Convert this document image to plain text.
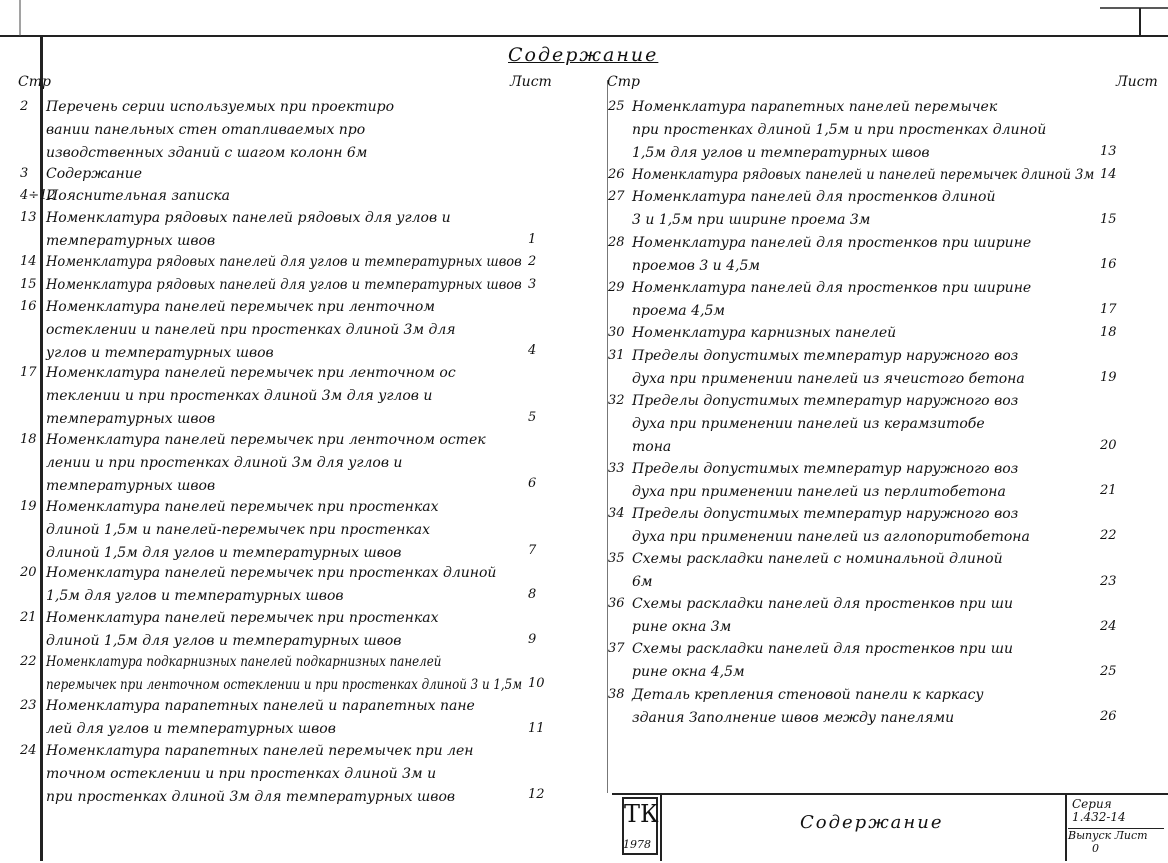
Содержание
Стр	Лист	Стр	Лист
2 Перечень серии используемых при проектиро
вании панельных стен отапливаемых про
изводственных зданий с шагом колонн 6м
3 Содержание
4÷12
Пояснительная записка
13 Номенклатура рядовых панелей рядовых для углов и
температурных швов	1
14 Номенклатура рядовых панелей для углов и температурных швов 2
15 Номенклатура рядовых панелей для углов и температурных швов 3
16 Номенклатура панелей перемычек при ленточном
остеклении и панелей при простенках длиной 3м для
углов и температурных швов	4
17 Номенклатура панелей перемычек при ленточном ос
теклении и при простенках длиной 3м для углов и
температурных швов	5
18 Номенклатура панелей перемычек при ленточном остек
лении и при простенках длиной 3м для углов и
температурных швов	6
19 Номенклатура панелей перемычек при простенках
длиной 1,5м и панелей-перемычек при простенках
длиной 1,5м для углов и температурных швов	7
20 Номенклатура панелей перемычек при простенках длиной
1,5м для углов и температурных швов	8
21 Номенклатура панелей перемычек при простенках
длиной 1,5м для углов и температурных швов	9
22 Номенклатура подкарнизных панелей подкарнизных панелей
перемычек при ленточном остеклении и при простенках длиной 3 и 1,5м 10
23 Номенклатура парапетных панелей и парапетных пане
лей для углов и температурных швов	11
24 Номенклатура парапетных панелей перемычек при лен
точном остеклении и при простенках длиной 3м и
при простенках длиной 3м для температурных швов	12
25 Номенклатура парапетных панелей перемычек
при простенках длиной 1,5м и при простенках длиной
1,5м для углов и температурных швов	13
26 Номенклатура рядовых панелей и панелей перемычек длиной 3м 14
27 Номенклатура панелей для простенков длиной
3 и 1,5м при ширине проема 3м	15
28 Номенклатура панелей для простенков при ширине
проемов 3 и 4,5м	16
29 Номенклатура панелей для простенков при ширине
проема 4,5м	17
30 Номенклатура карнизных панелей	18
31 Пределы допустимых температур наружного воз
духа при применении панелей из ячеистого бетона	19
32 Пределы допустимых температур наружного воз
духа при применении панелей из керамзитобе
тона	20
33 Пределы допустимых температур наружного воз
духа при применении панелей из перлитобетона	21
34 Пределы допустимых температур наружного воз
духа при применении панелей из аглопоритобетона	22
35 Схемы раскладки панелей с номинальной длиной
6м	23
36 Схемы раскладки панелей для простенков при ши
рине окна 3м	24
37 Схемы раскладки панелей для простенков при ши
рине окна 4,5м	25
38 Деталь крепления стеновой панели к каркасу
здания Заполнение швов между панелями	26
ТК
1978
Содержание
Серия
1.432-14
Выпуск Лист
0
